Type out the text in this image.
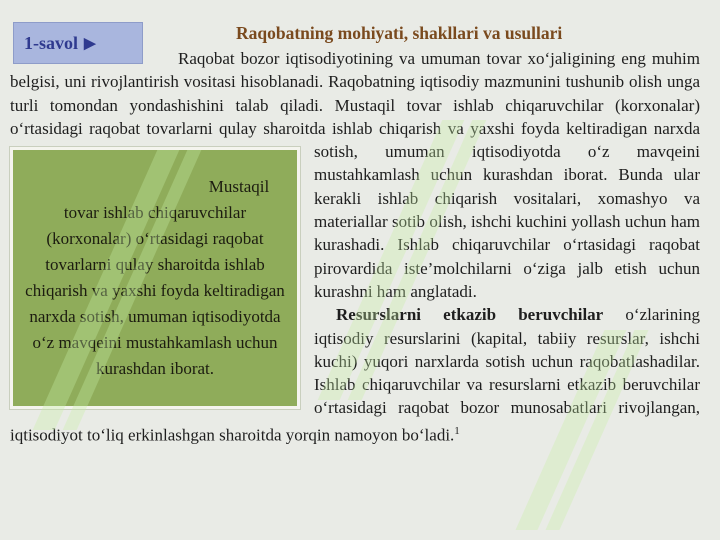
1-savol ▶
Raqobatning mohiyati, shakllari va usullari

Raqobat bozor iqtisodiyotining va umuman tovar xo‘jaligining eng muhim belgisi, uni rivojlantirish vositasi hisoblanadi. Raqobatning iqtisodiy mazmunini tushunib olish unga turli tomondan yondashishini talab qiladi. Mustaqil tovar ishlab chiqaruvchilar (korxonalar) o‘rtasidagi raqobat tovarlarni qulay sharoitda ishlab chiqarish va yaxshi foyda keltiradigan narxda sotish, umuman
Mustaqil tovar ishlab chiqaruvchilar (korxonalar) o‘rtasidagi raqobat tovarlarni qulay sharoitda ishlab chiqarish va yaxshi foyda keltiradigan narxda sotish, umuman iqtisodiyotda o‘z mavqeini mustahkamlash uchun kurashdan iborat.
iqtisodiyotda o‘z mavqeini mustahkamlash uchun kurashdan iborat. Bunda ular kerakli ishlab chiqarish vositalari, xomashyo va materiallar sotib olish, ishchi kuchini yollash uchun ham kurashadi. Ishlab chiqaruvchilar o‘rtasidagi raqobat pirovardida iste’molchilarni o‘ziga jalb etish uchun kurashni ham anglatadi.

Resurslarni etkazib beruvchilar o‘zlarining iqtisodiy resurslarini (kapital, tabiiy resurslar, ishchi kuchi) yuqori narxlarda sotish uchun raqobatlashadilar. Ishlab chiqaruvchilar va resurslarni etkazib beruvchilar o‘rtasidagi raqobat bozor munosabatlari rivojlangan, iqtisodiyot to‘liq erkinlashgan sharoitda yorqin namoyon bo‘ladi.$^1$
